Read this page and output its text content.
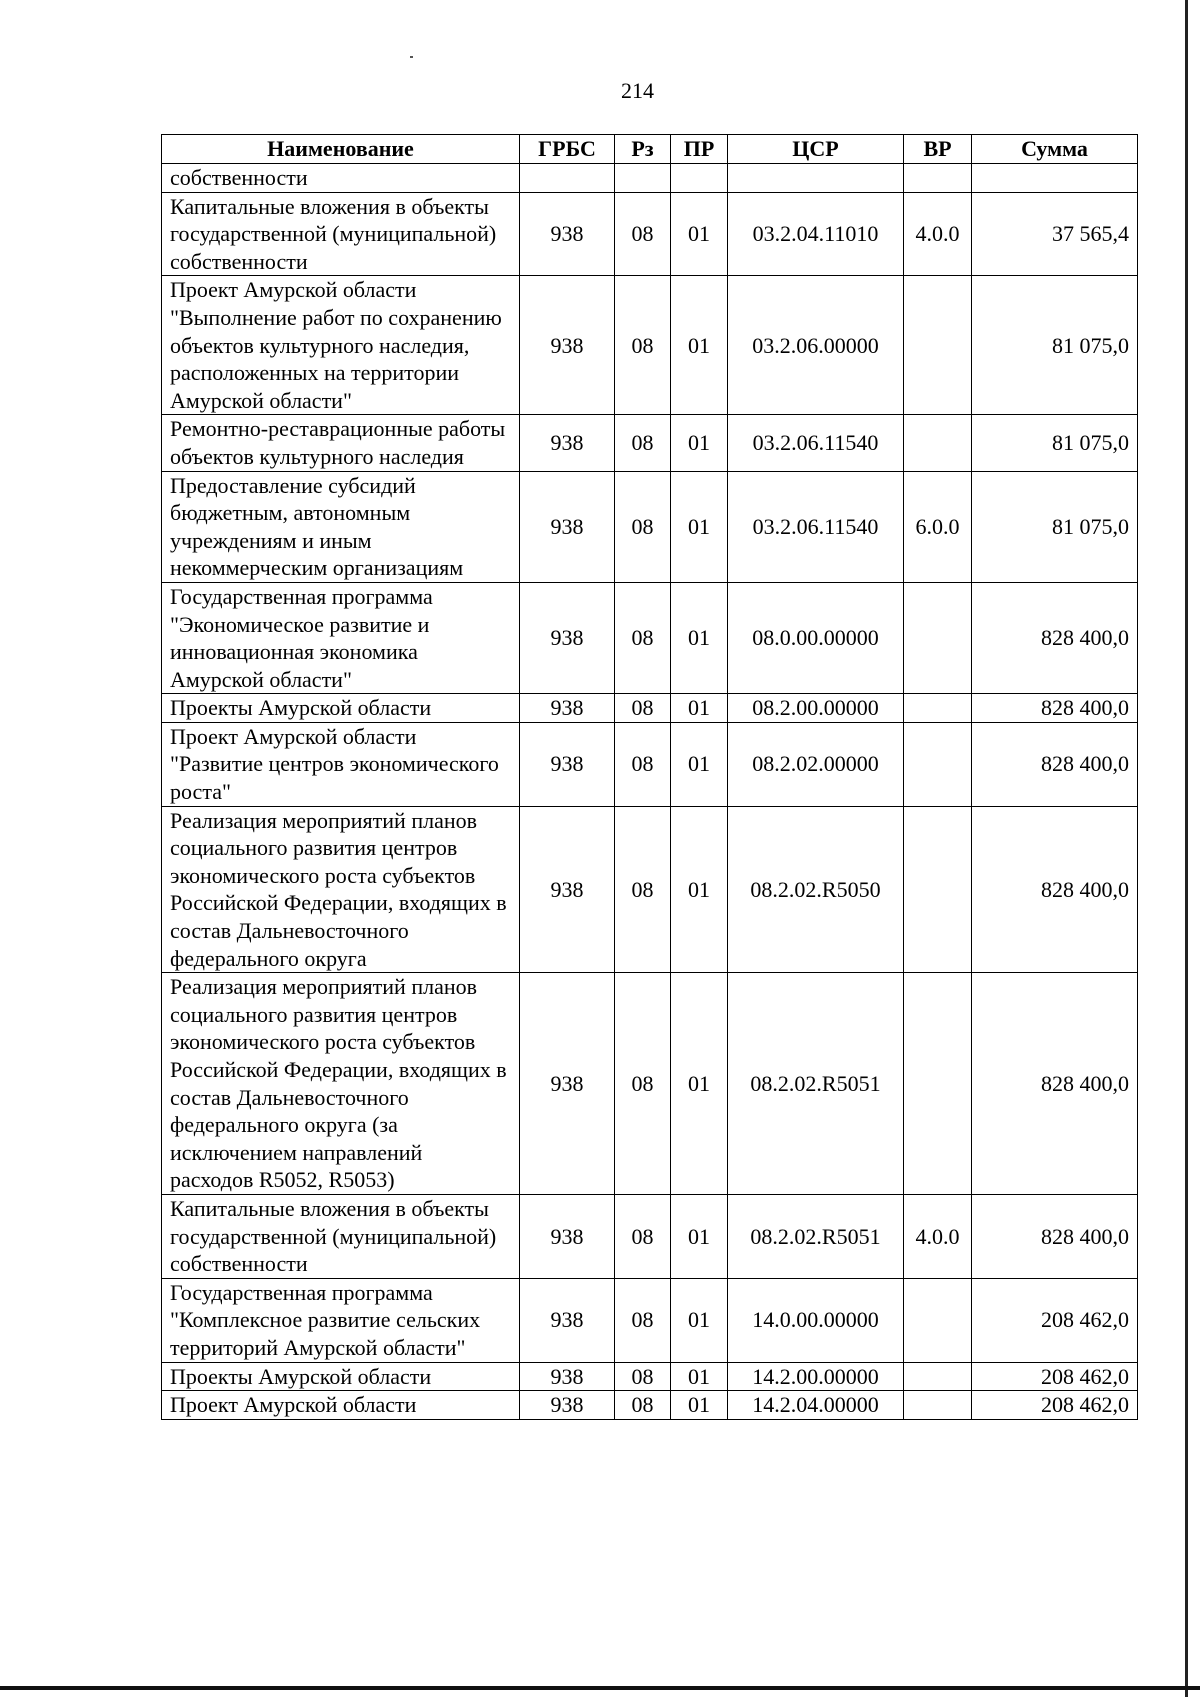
214
Наименование	ГРБС	Рз	ПР	ЦСР	ВР	Сумма
собственности						
Капитальные вложения в объекты государственной (муниципальной) собственности	938	08	01	03.2.04.11010	4.0.0	37 565,4
Проект Амурской области "Выполнение работ по сохранению объектов культурного наследия, расположенных на территории Амурской области"	938	08	01	03.2.06.00000		81 075,0
Ремонтно-реставрационные работы объектов культурного наследия	938	08	01	03.2.06.11540		81 075,0
Предоставление субсидий бюджетным, автономным учреждениям и иным некоммерческим организациям	938	08	01	03.2.06.11540	6.0.0	81 075,0
Государственная программа "Экономическое развитие и инновационная экономика Амурской области"	938	08	01	08.0.00.00000		828 400,0
Проекты Амурской области	938	08	01	08.2.00.00000		828 400,0
Проект Амурской области "Развитие центров экономического роста"	938	08	01	08.2.02.00000		828 400,0
Реализация мероприятий планов социального развития центров экономического роста субъектов Российской Федерации, входящих в состав Дальневосточного федерального округа	938	08	01	08.2.02.R5050		828 400,0
Реализация мероприятий планов социального развития центров экономического роста субъектов Российской Федерации, входящих в состав Дальневосточного федерального округа (за исключением направлений расходов R5052, R5053)	938	08	01	08.2.02.R5051		828 400,0
Капитальные вложения в объекты государственной (муниципальной) собственности	938	08	01	08.2.02.R5051	4.0.0	828 400,0
Государственная программа "Комплексное развитие сельских территорий Амурской области"	938	08	01	14.0.00.00000		208 462,0
Проекты Амурской области	938	08	01	14.2.00.00000		208 462,0
Проект Амурской области	938	08	01	14.2.04.00000		208 462,0
